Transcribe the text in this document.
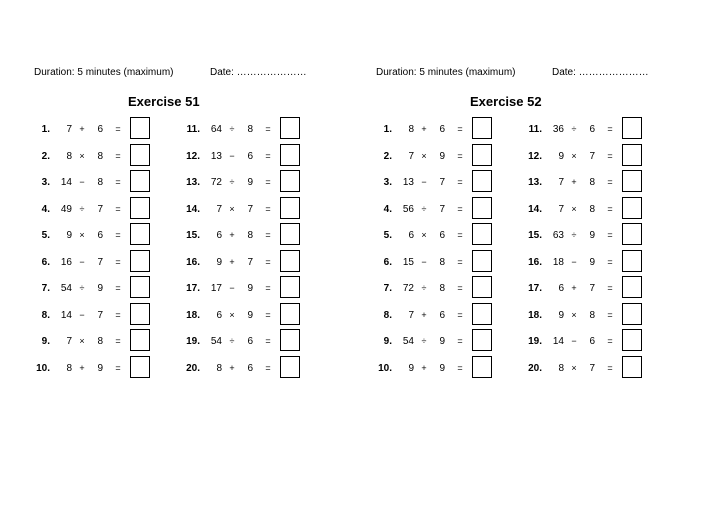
Duration: 5 minutes (maximum)	Date: …………………
Exercise 51
1.	7 +	6 =
2.	8 ×	8 =
3.	14 −	8 =
4.	49 ÷	7 =
5.	9 ×	6 =
6.	16 −	7 =
7.	54 ÷	9 =
8.	14 −	7 =
9.	7 ×	8 =
10.	8 +	9 =
11.	64 ÷	8 =
12.	13 −	6 =
13.	72 ÷	9 =
14.	7 ×	7 =
15.	6 +	8 =
16.	9 +	7 =
17.	17 −	9 =
18.	6 ×	9 =
19.	54 ÷	6 =
20.	8 +	6 =
Duration: 5 minutes (maximum)	Date: …………………
Exercise 52
1.	8 +	6 =
2.	7 ×	9 =
3.	13 −	7 =
4.	56 ÷	7 =
5.	6 ×	6 =
6.	15 −	8 =
7.	72 ÷	8 =
8.	7 +	6 =
9.	54 ÷	9 =
10.	9 +	9 =
11.	36 ÷	6 =
12.	9 ×	7 =
13.	7 +	8 =
14.	7 ×	8 =
15.	63 ÷	9 =
16.	18 −	9 =
17.	6 +	7 =
18.	9 ×	8 =
19.	14 −	6 =
20.	8 ×	7 =
